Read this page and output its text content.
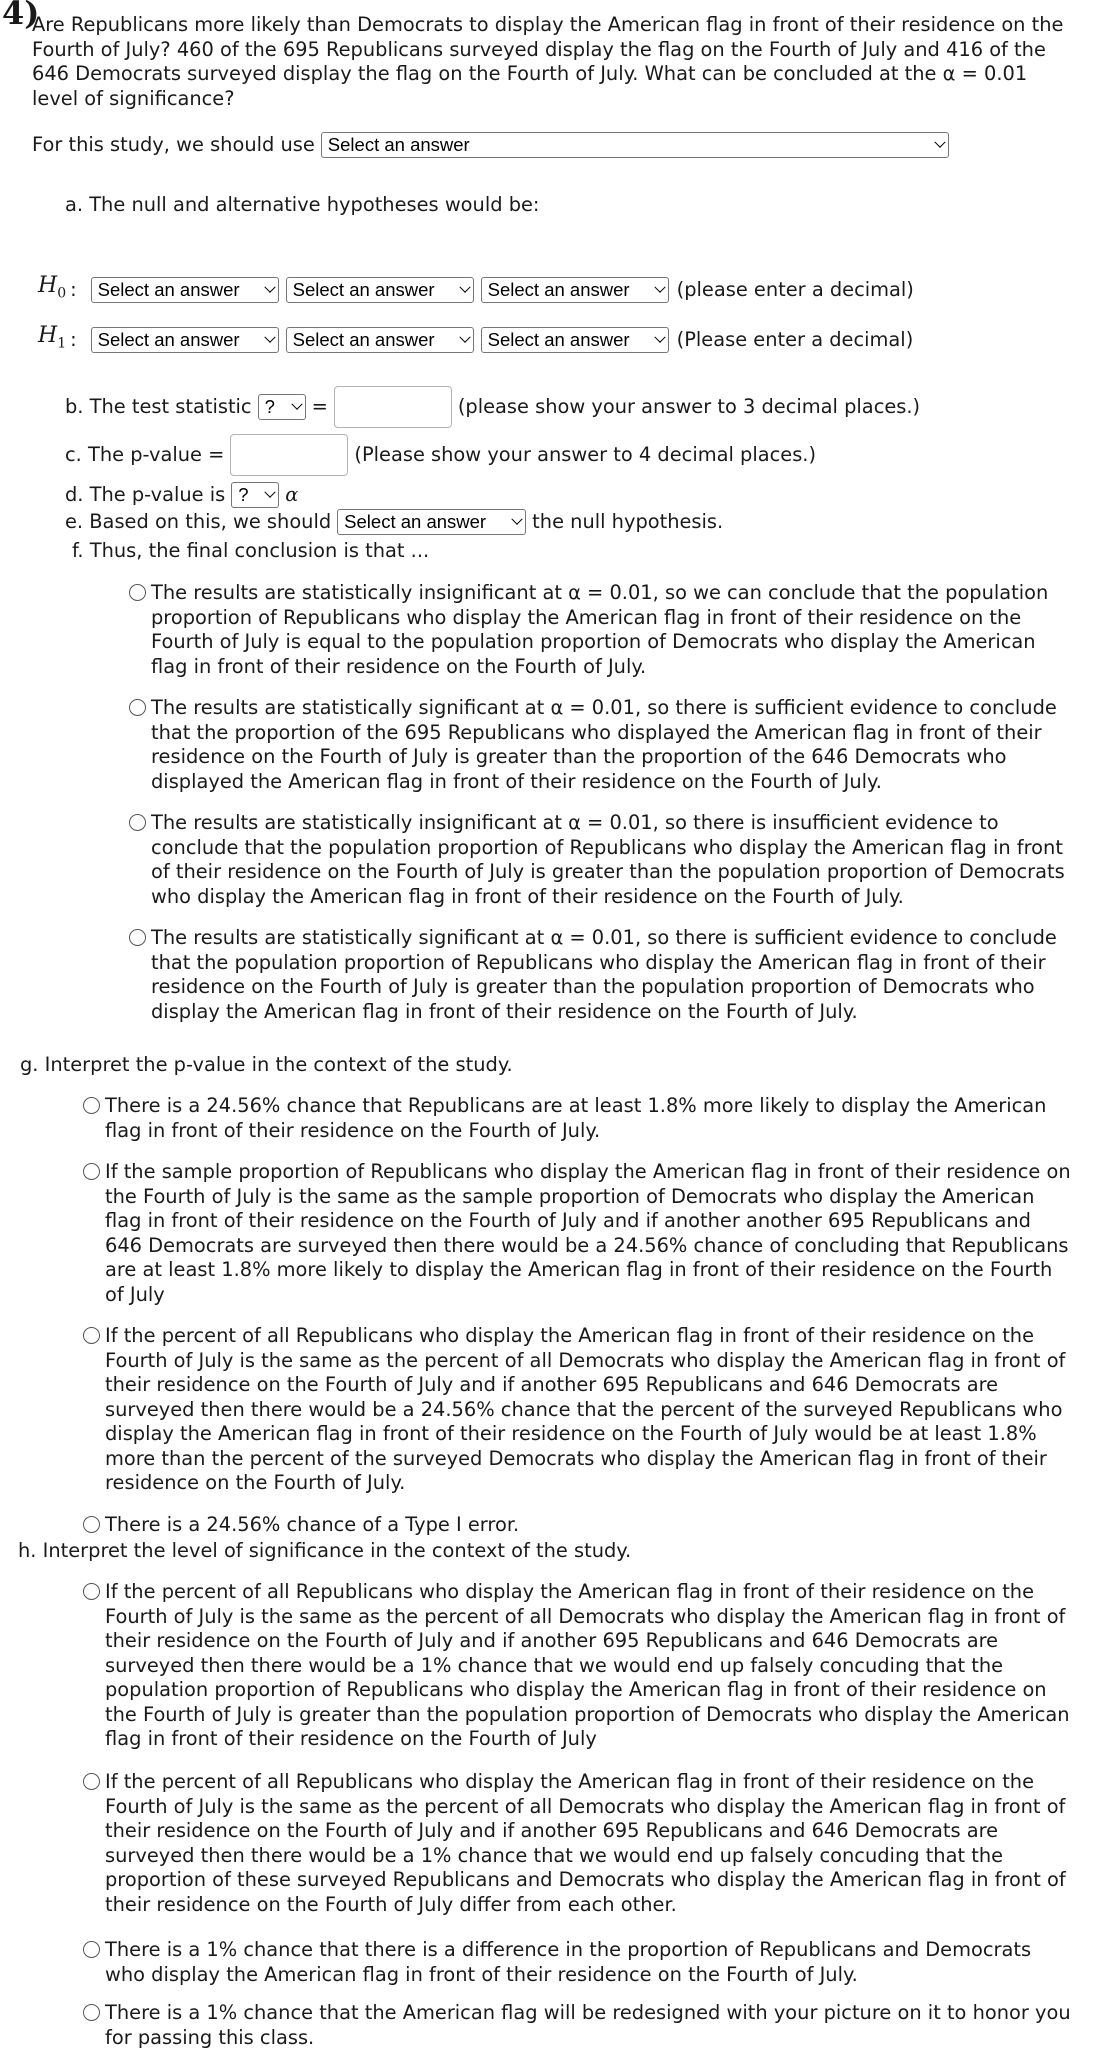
4)
Are Republicans more likely than Democrats to display the American flag in front of their residence on the Fourth of July? 460 of the 695 Republicans surveyed display the flag on the Fourth of July and 416 of the 646 Democrats surveyed display the flag on the Fourth of July. What can be concluded at the α = 0.01 level of significance?
For this study, we should use Select an answer
a. The null and alternative hypotheses would be:
$H_0$ : Select an answer	Select an answer	Select an answer (please enter a decimal)
$H_1$ : Select an answer	Select an answer	Select an answer (Please enter a decimal)
b. The test statistic ? =	(please show your answer to 3 decimal places.)
c. The p-value =	(Please show your answer to 4 decimal places.)
d. The p-value is ? α
e. Based on this, we should Select an answer the null hypothesis.
f. Thus, the final conclusion is that ...
The results are statistically insignificant at α = 0.01, so we can conclude that the population proportion of Republicans who display the American flag in front of their residence on the Fourth of July is equal to the population proportion of Democrats who display the American flag in front of their residence on the Fourth of July.
The results are statistically significant at α = 0.01, so there is sufficient evidence to conclude that the proportion of the 695 Republicans who displayed the American flag in front of their residence on the Fourth of July is greater than the proportion of the 646 Democrats who displayed the American flag in front of their residence on the Fourth of July.
The results are statistically insignificant at α = 0.01, so there is insufficient evidence to conclude that the population proportion of Republicans who display the American flag in front of their residence on the Fourth of July is greater than the population proportion of Democrats who display the American flag in front of their residence on the Fourth of July.
The results are statistically significant at α = 0.01, so there is sufficient evidence to conclude that the population proportion of Republicans who display the American flag in front of their residence on the Fourth of July is greater than the population proportion of Democrats who display the American flag in front of their residence on the Fourth of July.
g. Interpret the p-value in the context of the study.
There is a 24.56% chance that Republicans are at least 1.8% more likely to display the American flag in front of their residence on the Fourth of July.
If the sample proportion of Republicans who display the American flag in front of their residence on the Fourth of July is the same as the sample proportion of Democrats who display the American flag in front of their residence on the Fourth of July and if another another 695 Republicans and 646 Democrats are surveyed then there would be a 24.56% chance of concluding that Republicans are at least 1.8% more likely to display the American flag in front of their residence on the Fourth of July
If the percent of all Republicans who display the American flag in front of their residence on the Fourth of July is the same as the percent of all Democrats who display the American flag in front of their residence on the Fourth of July and if another 695 Republicans and 646 Democrats are surveyed then there would be a 24.56% chance that the percent of the surveyed Republicans who display the American flag in front of their residence on the Fourth of July would be at least 1.8% more than the percent of the surveyed Democrats who display the American flag in front of their residence on the Fourth of July.
There is a 24.56% chance of a Type I error.
h. Interpret the level of significance in the context of the study.
If the percent of all Republicans who display the American flag in front of their residence on the Fourth of July is the same as the percent of all Democrats who display the American flag in front of their residence on the Fourth of July and if another 695 Republicans and 646 Democrats are surveyed then there would be a 1% chance that we would end up falsely concuding that the population proportion of Republicans who display the American flag in front of their residence on the Fourth of July is greater than the population proportion of Democrats who display the American flag in front of their residence on the Fourth of July
If the percent of all Republicans who display the American flag in front of their residence on the Fourth of July is the same as the percent of all Democrats who display the American flag in front of their residence on the Fourth of July and if another 695 Republicans and 646 Democrats are surveyed then there would be a 1% chance that we would end up falsely concuding that the proportion of these surveyed Republicans and Democrats who display the American flag in front of their residence on the Fourth of July differ from each other.
There is a 1% chance that there is a difference in the proportion of Republicans and Democrats who display the American flag in front of their residence on the Fourth of July.
There is a 1% chance that the American flag will be redesigned with your picture on it to honor you for passing this class.
